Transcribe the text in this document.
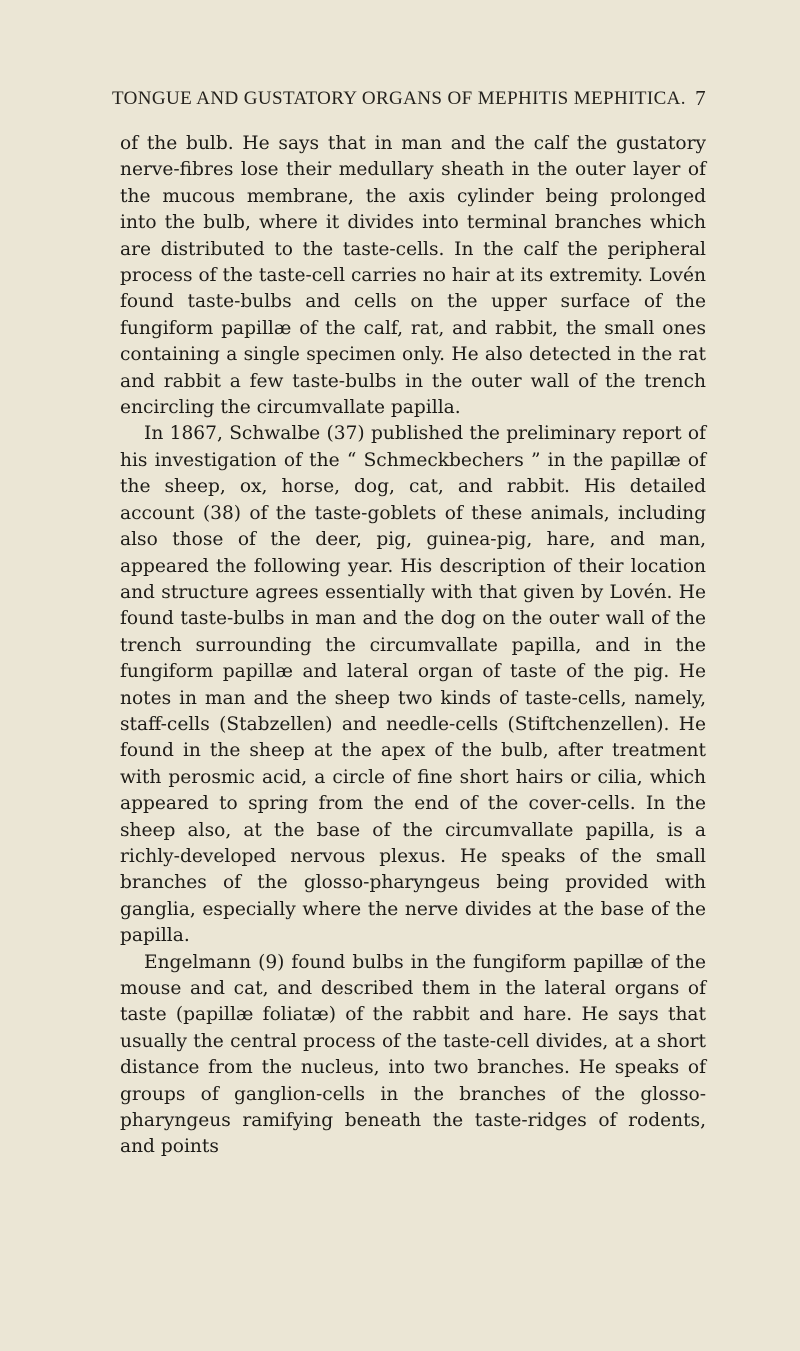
TONGUE AND GUSTATORY ORGANS OF MEPHITIS MEPHITICA. 7

of the bulb. He says that in man and the calf the gustatory nerve-fibres lose their medullary sheath in the outer layer of the mucous membrane, the axis cylinder being prolonged into the bulb, where it divides into terminal branches which are distributed to the taste-cells. In the calf the peripheral process of the taste-cell carries no hair at its extremity. Lovén found taste-bulbs and cells on the upper surface of the fungiform papillæ of the calf, rat, and rabbit, the small ones containing a single specimen only. He also detected in the rat and rabbit a few taste-bulbs in the outer wall of the trench encircling the circumvallate papilla.

In 1867, Schwalbe (37) published the preliminary report of his investigation of the “ Schmeckbechers ” in the papillæ of the sheep, ox, horse, dog, cat, and rabbit. His detailed account (38) of the taste-goblets of these animals, including also those of the deer, pig, guinea-pig, hare, and man, appeared the following year. His description of their location and structure agrees essentially with that given by Lovén. He found taste-bulbs in man and the dog on the outer wall of the trench surrounding the circumvallate papilla, and in the fungiform papillæ and lateral organ of taste of the pig. He notes in man and the sheep two kinds of taste-cells, namely, staff-cells (Stabzellen) and needle-cells (Stiftchenzellen). He found in the sheep at the apex of the bulb, after treatment with perosmic acid, a circle of fine short hairs or cilia, which appeared to spring from the end of the cover-cells. In the sheep also, at the base of the circumvallate papilla, is a richly-developed nervous plexus. He speaks of the small branches of the glosso-pharyngeus being provided with ganglia, especially where the nerve divides at the base of the papilla.

Engelmann (9) found bulbs in the fungiform papillæ of the mouse and cat, and described them in the lateral organs of taste (papillæ foliatæ) of the rabbit and hare. He says that usually the central process of the taste-cell divides, at a short distance from the nucleus, into two branches. He speaks of groups of ganglion-cells in the branches of the glosso-pharyngeus ramifying beneath the taste-ridges of rodents, and points
